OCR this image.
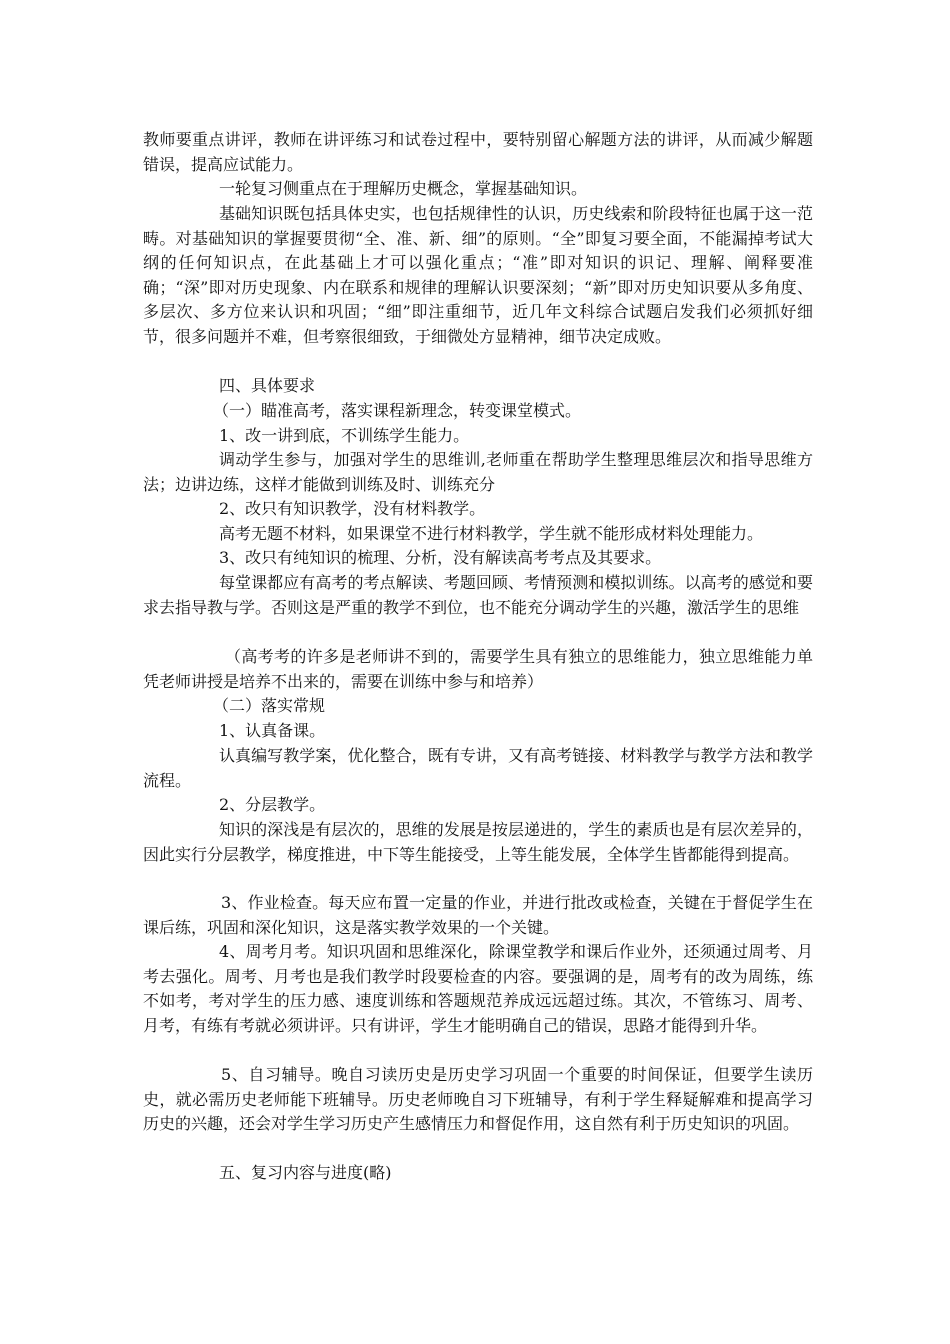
教师要重点讲评，教师在讲评练习和试卷过程中，要特别留心解题方法的讲评，从而减少解题错误，提高应试能力。

一轮复习侧重点在于理解历史概念，掌握基础知识。

基础知识既包括具体史实，也包括规律性的认识，历史线索和阶段特征也属于这一范畴。对基础知识的掌握要贯彻“全、准、新、细”的原则。“全”即复习要全面，不能漏掉考试大纲的任何知识点，在此基础上才可以强化重点；“准”即对知识的识记、理解、阐释要准确；“深”即对历史现象、内在联系和规律的理解认识要深刻；“新”即对历史知识要从多角度、多层次、多方位来认识和巩固；“细”即注重细节，近几年文科综合试题启发我们必须抓好细节，很多问题并不难，但考察很细致，于细微处方显精神，细节决定成败。

四、具体要求

（一）瞄准高考，落实课程新理念，转变课堂模式。

1、改一讲到底，不训练学生能力。

调动学生参与，加强对学生的思维训,老师重在帮助学生整理思维层次和指导思维方法；边讲边练，这样才能做到训练及时、训练充分

2、改只有知识教学，没有材料教学。

高考无题不材料，如果课堂不进行材料教学，学生就不能形成材料处理能力。

3、改只有纯知识的梳理、分析，没有解读高考考点及其要求。

每堂课都应有高考的考点解读、考题回顾、考情预测和模拟训练。以高考的感觉和要求去指导教与学。否则这是严重的教学不到位，也不能充分调动学生的兴趣，激活学生的思维

（高考考的许多是老师讲不到的，需要学生具有独立的思维能力，独立思维能力单凭老师讲授是培养不出来的，需要在训练中参与和培养）

（二）落实常规

1、认真备课。

认真编写教学案，优化整合，既有专讲，又有高考链接、材料教学与教学方法和教学流程。

2、分层教学。

知识的深浅是有层次的，思维的发展是按层递进的，学生的素质也是有层次差异的，因此实行分层教学，梯度推进，中下等生能接受，上等生能发展，全体学生皆都能得到提高。

3、作业检查。每天应布置一定量的作业，并进行批改或检查，关键在于督促学生在课后练，巩固和深化知识，这是落实教学效果的一个关键。

4、周考月考。知识巩固和思维深化，除课堂教学和课后作业外，还须通过周考、月考去强化。周考、月考也是我们教学时段要检查的内容。要强调的是，周考有的改为周练，练不如考，考对学生的压力感、速度训练和答题规范养成远远超过练。其次，不管练习、周考、月考，有练有考就必须讲评。只有讲评，学生才能明确自己的错误，思路才能得到升华。

5、自习辅导。晚自习读历史是历史学习巩固一个重要的时间保证，但要学生读历史，就必需历史老师能下班辅导。历史老师晚自习下班辅导，有利于学生释疑解难和提高学习历史的兴趣，还会对学生学习历史产生感情压力和督促作用，这自然有利于历史知识的巩固。

五、复习内容与进度(略)
